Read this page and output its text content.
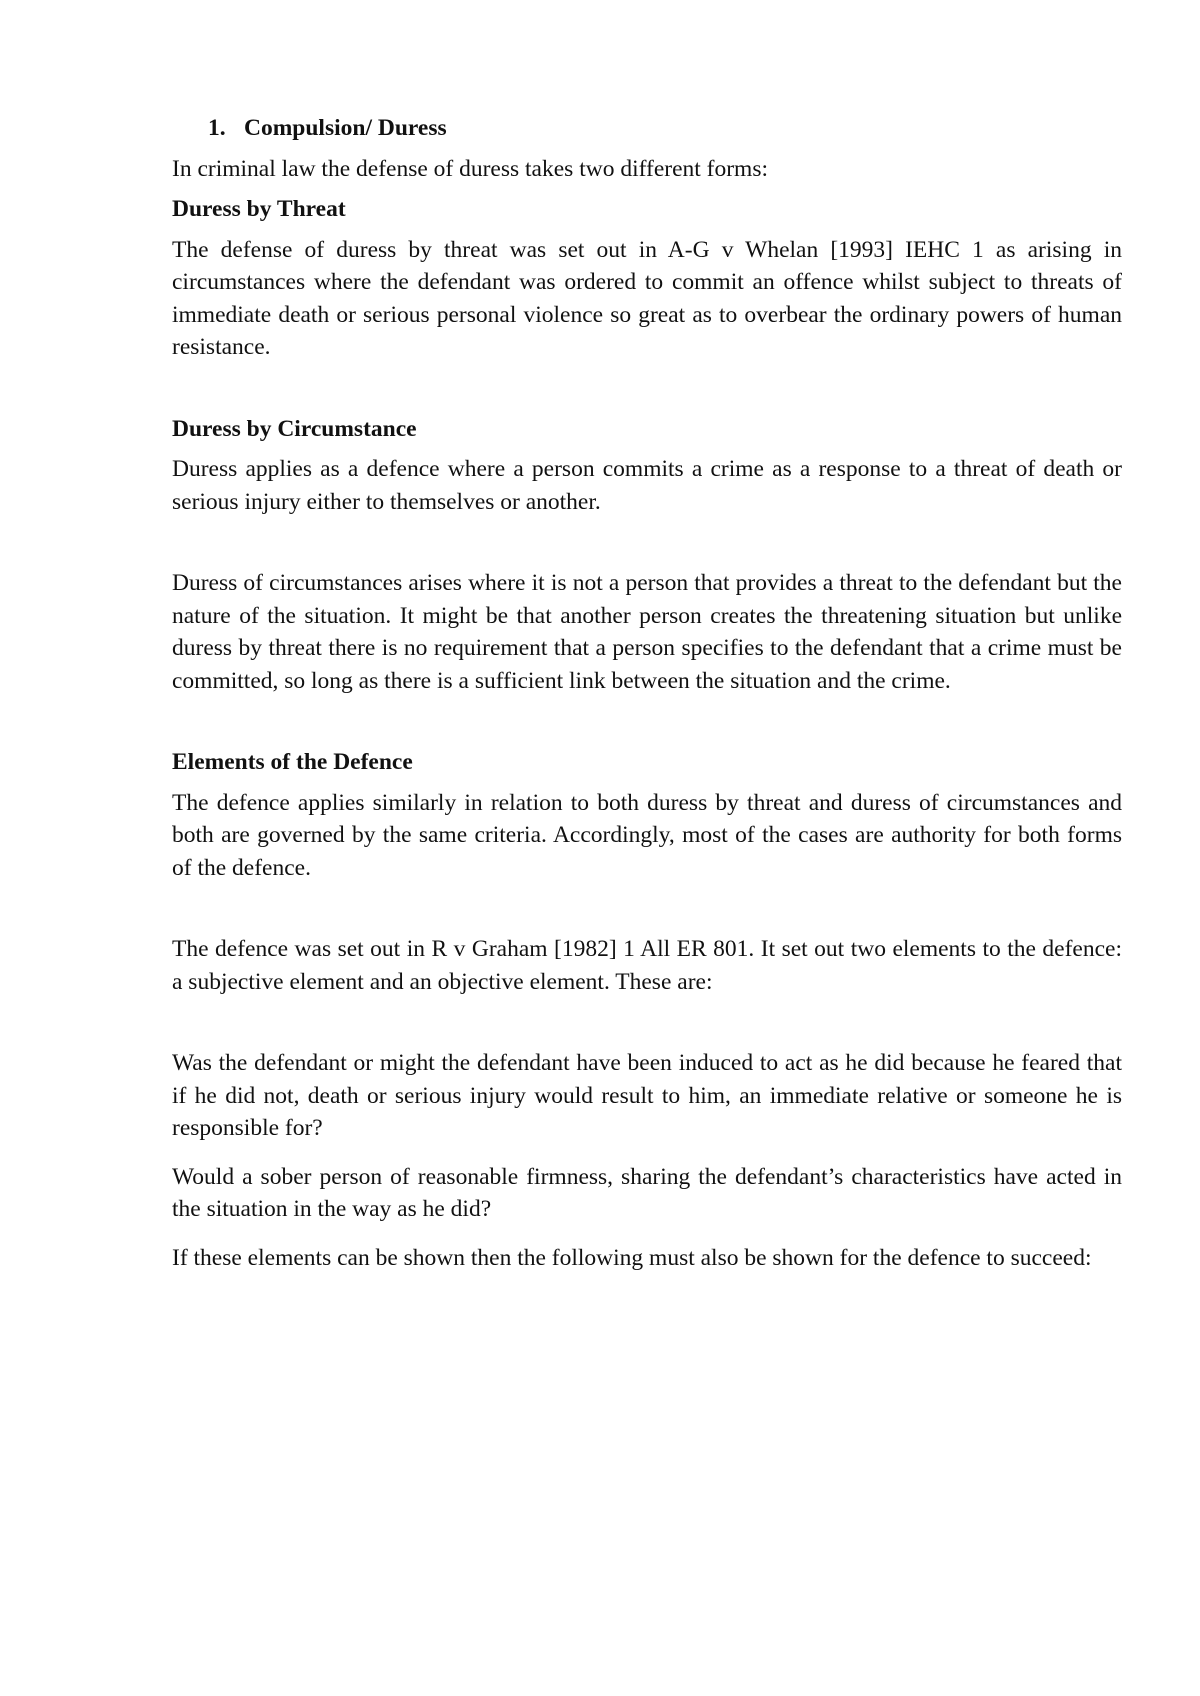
1. Compulsion/ Duress

In criminal law the defense of duress takes two different forms:

Duress by Threat

The defense of duress by threat was set out in A-G v Whelan [1993] IEHC 1 as arising in circumstances where the defendant was ordered to commit an offence whilst subject to threats of immediate death or serious personal violence so great as to overbear the ordinary powers of human resistance.

Duress by Circumstance

Duress applies as a defence where a person commits a crime as a response to a threat of death or serious injury either to themselves or another.

Duress of circumstances arises where it is not a person that provides a threat to the defendant but the nature of the situation. It might be that another person creates the threatening situation but unlike duress by threat there is no requirement that a person specifies to the defendant that a crime must be committed, so long as there is a sufficient link between the situation and the crime.

Elements of the Defence

The defence applies similarly in relation to both duress by threat and duress of circumstances and both are governed by the same criteria. Accordingly, most of the cases are authority for both forms of the defence.

The defence was set out in R v Graham [1982] 1 All ER 801. It set out two elements to the defence: a subjective element and an objective element. These are:

Was the defendant or might the defendant have been induced to act as he did because he feared that if he did not, death or serious injury would result to him, an immediate relative or someone he is responsible for?

Would a sober person of reasonable firmness, sharing the defendant’s characteristics have acted in the situation in the way as he did?

If these elements can be shown then the following must also be shown for the defence to succeed:
